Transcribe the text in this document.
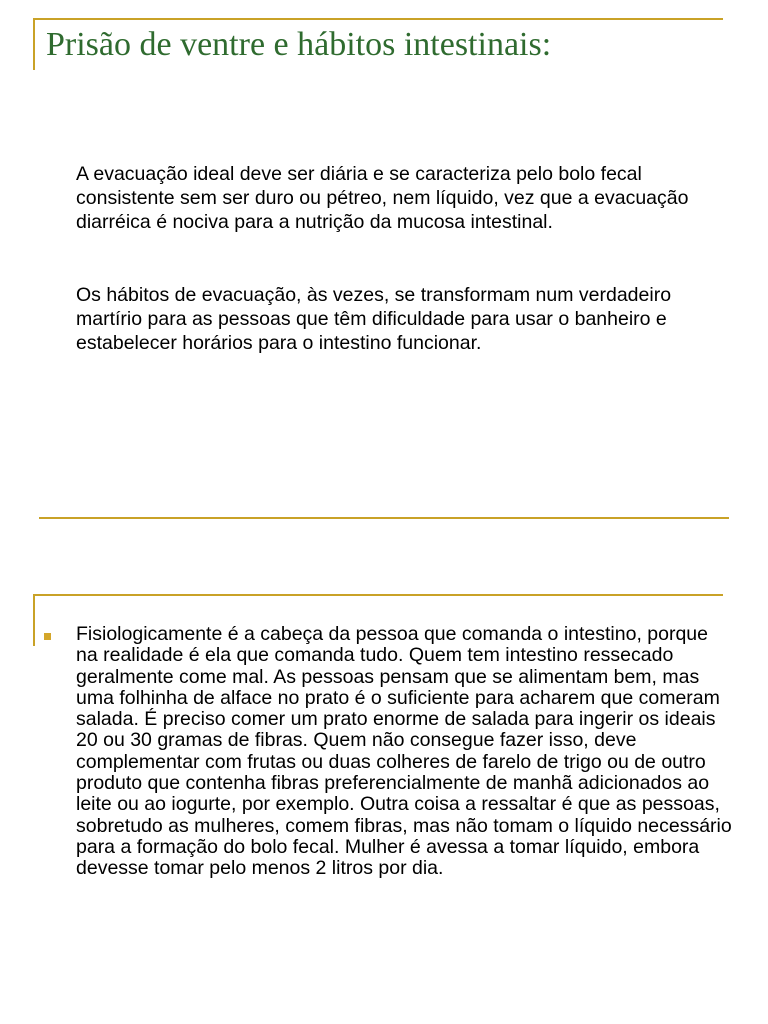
Prisão de ventre e hábitos intestinais:

A evacuação ideal deve ser diária e se caracteriza pelo bolo fecal consistente sem ser duro ou pétreo, nem líquido, vez que a evacuação diarréica é nociva para a nutrição da mucosa intestinal.

Os hábitos de evacuação, às vezes, se transformam num verdadeiro martírio para as pessoas que têm dificuldade para usar o banheiro e estabelecer horários para o intestino funcionar.

Fisiologicamente é a cabeça da pessoa que comanda o intestino, porque na realidade é ela que comanda tudo. Quem tem intestino ressecado geralmente come mal. As pessoas pensam que se alimentam bem, mas uma folhinha de alface no prato é o suficiente para acharem que comeram salada. É preciso comer um prato enorme de salada para ingerir os ideais 20 ou 30 gramas de fibras. Quem não consegue fazer isso, deve complementar com frutas ou duas colheres de farelo de trigo ou de outro produto que contenha fibras preferencialmente de manhã adicionados ao leite ou ao iogurte, por exemplo. Outra coisa a ressaltar é que as pessoas, sobretudo as mulheres, comem fibras, mas não tomam o líquido necessário para a formação do bolo fecal. Mulher é avessa a tomar líquido, embora devesse tomar pelo menos 2 litros por dia.
